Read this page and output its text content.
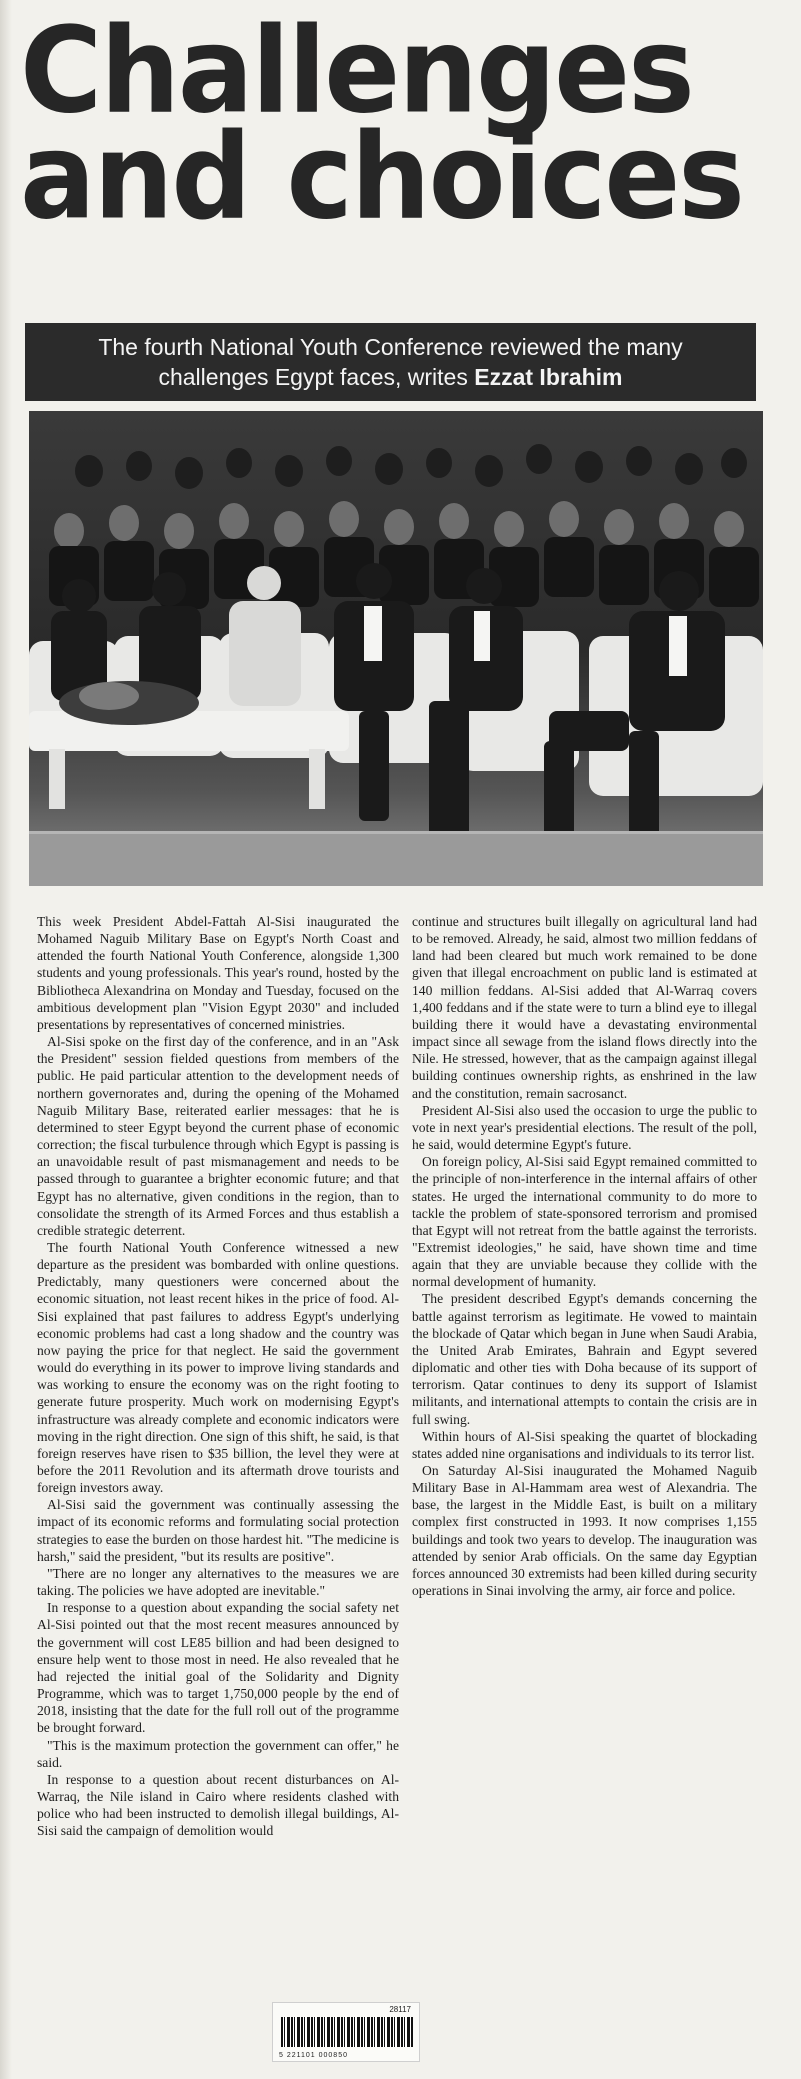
Challenges
and choices
The fourth National Youth Conference reviewed the many
challenges Egypt faces, writes Ezzat Ibrahim

This week President Abdel-Fattah Al-Sisi inaugurated the Mohamed Naguib Military Base on Egypt's North Coast and attended the fourth National Youth Conference, alongside 1,300 students and young professionals. This year's round, hosted by the Bibliotheca Alexandrina on Monday and Tuesday, focused on the ambitious development plan "Vision Egypt 2030" and included presentations by representatives of concerned ministries.

Al-Sisi spoke on the first day of the conference, and in an "Ask the President" session fielded questions from members of the public. He paid particular attention to the development needs of northern governorates and, during the opening of the Mohamed Naguib Military Base, reiterated earlier messages: that he is determined to steer Egypt beyond the current phase of economic correction; the fiscal turbulence through which Egypt is passing is an unavoidable result of past mismanagement and needs to be passed through to guarantee a brighter economic future; and that Egypt has no alternative, given conditions in the region, than to consolidate the strength of its Armed Forces and thus establish a credible strategic deterrent.

The fourth National Youth Conference witnessed a new departure as the president was bombarded with online questions. Predictably, many questioners were concerned about the economic situation, not least recent hikes in the price of food. Al-Sisi explained that past failures to address Egypt's underlying economic problems had cast a long shadow and the country was now paying the price for that neglect. He said the government would do everything in its power to improve living standards and was working to ensure the economy was on the right footing to generate future prosperity. Much work on modernising Egypt's infrastructure was already complete and economic indicators were moving in the right direction. One sign of this shift, he said, is that foreign reserves have risen to $35 billion, the level they were at before the 2011 Revolution and its aftermath drove tourists and foreign investors away.

Al-Sisi said the government was continually assessing the impact of its economic reforms and formulating social protection strategies to ease the burden on those hardest hit. "The medicine is harsh," said the president, "but its results are positive".

"There are no longer any alternatives to the measures we are taking. The policies we have adopted are inevitable."

In response to a question about expanding the social safety net Al-Sisi pointed out that the most recent measures announced by the government will cost LE85 billion and had been designed to ensure help went to those most in need. He also revealed that he had rejected the initial goal of the Solidarity and Dignity Programme, which was to target 1,750,000 people by the end of 2018, insisting that the date for the full roll out of the programme be brought forward.

"This is the maximum protection the government can offer," he said.

In response to a question about recent disturbances on Al-Warraq, the Nile island in Cairo where residents clashed with police who had been instructed to demolish illegal buildings, Al-Sisi said the campaign of demolition would

continue and structures built illegally on agricultural land had to be removed. Already, he said, almost two million feddans of land had been cleared but much work remained to be done given that illegal encroachment on public land is estimated at 140 million feddans. Al-Sisi added that Al-Warraq covers 1,400 feddans and if the state were to turn a blind eye to illegal building there it would have a devastating environmental impact since all sewage from the island flows directly into the Nile. He stressed, however, that as the campaign against illegal building continues ownership rights, as enshrined in the law and the constitution, remain sacrosanct.

President Al-Sisi also used the occasion to urge the public to vote in next year's presidential elections. The result of the poll, he said, would determine Egypt's future.

On foreign policy, Al-Sisi said Egypt remained committed to the principle of non-interference in the internal affairs of other states. He urged the international community to do more to tackle the problem of state-sponsored terrorism and promised that Egypt will not retreat from the battle against the terrorists. "Extremist ideologies," he said, have shown time and time again that they are unviable because they collide with the normal development of humanity.

The president described Egypt's demands concerning the battle against terrorism as legitimate. He vowed to maintain the blockade of Qatar which began in June when Saudi Arabia, the United Arab Emirates, Bahrain and Egypt severed diplomatic and other ties with Doha because of its support of terrorism. Qatar continues to deny its support of Islamist militants, and international attempts to contain the crisis are in full swing.

Within hours of Al-Sisi speaking the quartet of blockading states added nine organisations and individuals to its terror list.

On Saturday Al-Sisi inaugurated the Mohamed Naguib Military Base in Al-Hammam area west of Alexandria. The base, the largest in the Middle East, is built on a military complex first constructed in 1993. It now comprises 1,155 buildings and took two years to develop. The inauguration was attended by senior Arab officials. On the same day Egyptian forces announced 30 extremists had been killed during security operations in Sinai involving the army, air force and police.

28117
5 221101 000850
